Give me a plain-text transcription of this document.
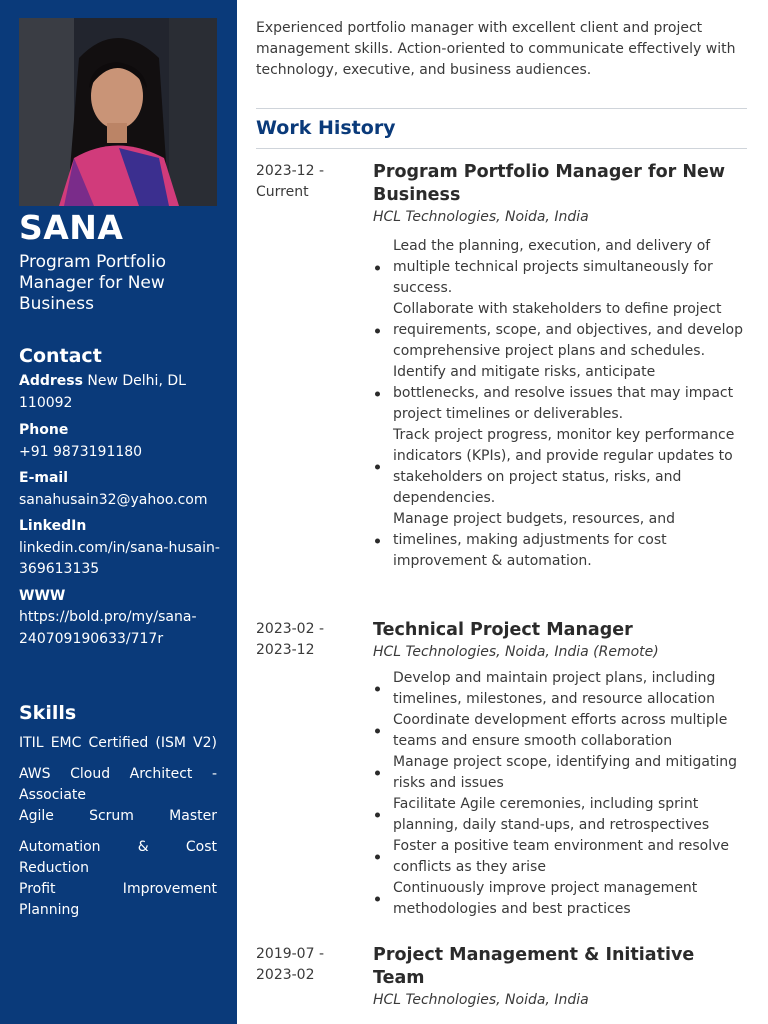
SANA
Program Portfolio Manager for New Business
Contact
Address New Delhi, DL 110092
Phone
+91 9873191180
E-mail
sanahusain32@yahoo.com
LinkedIn
linkedin.com/in/sana-husain-369613135
WWW
https://bold.pro/my/sana-240709190633/717r
Skills
ITIL EMC Certified (ISM V2)
AWS Cloud Architect - Associate
Agile Scrum Master
Automation & Cost Reduction
Profit Improvement Planning
Experienced portfolio manager with excellent client and project management skills. Action-oriented to communicate effectively with technology, executive, and business audiences.
Work History
2023-12 - Current
Program Portfolio Manager for New Business
HCL Technologies, Noida, India
Lead the planning, execution, and delivery of multiple technical projects simultaneously for success.
Collaborate with stakeholders to define project requirements, scope, and objectives, and develop comprehensive project plans and schedules.
Identify and mitigate risks, anticipate bottlenecks, and resolve issues that may impact project timelines or deliverables.
Track project progress, monitor key performance indicators (KPIs), and provide regular updates to stakeholders on project status, risks, and dependencies.
Manage project budgets, resources, and timelines, making adjustments for cost improvement & automation.
2023-02 - 2023-12
Technical Project Manager
HCL Technologies, Noida, India (Remote)
Develop and maintain project plans, including timelines, milestones, and resource allocation
Coordinate development efforts across multiple teams and ensure smooth collaboration
Manage project scope, identifying and mitigating risks and issues
Facilitate Agile ceremonies, including sprint planning, daily stand-ups, and retrospectives
Foster a positive team environment and resolve conflicts as they arise
Continuously improve project management methodologies and best practices
2019-07 - 2023-02
Project Management & Initiative Team
HCL Technologies, Noida, India
